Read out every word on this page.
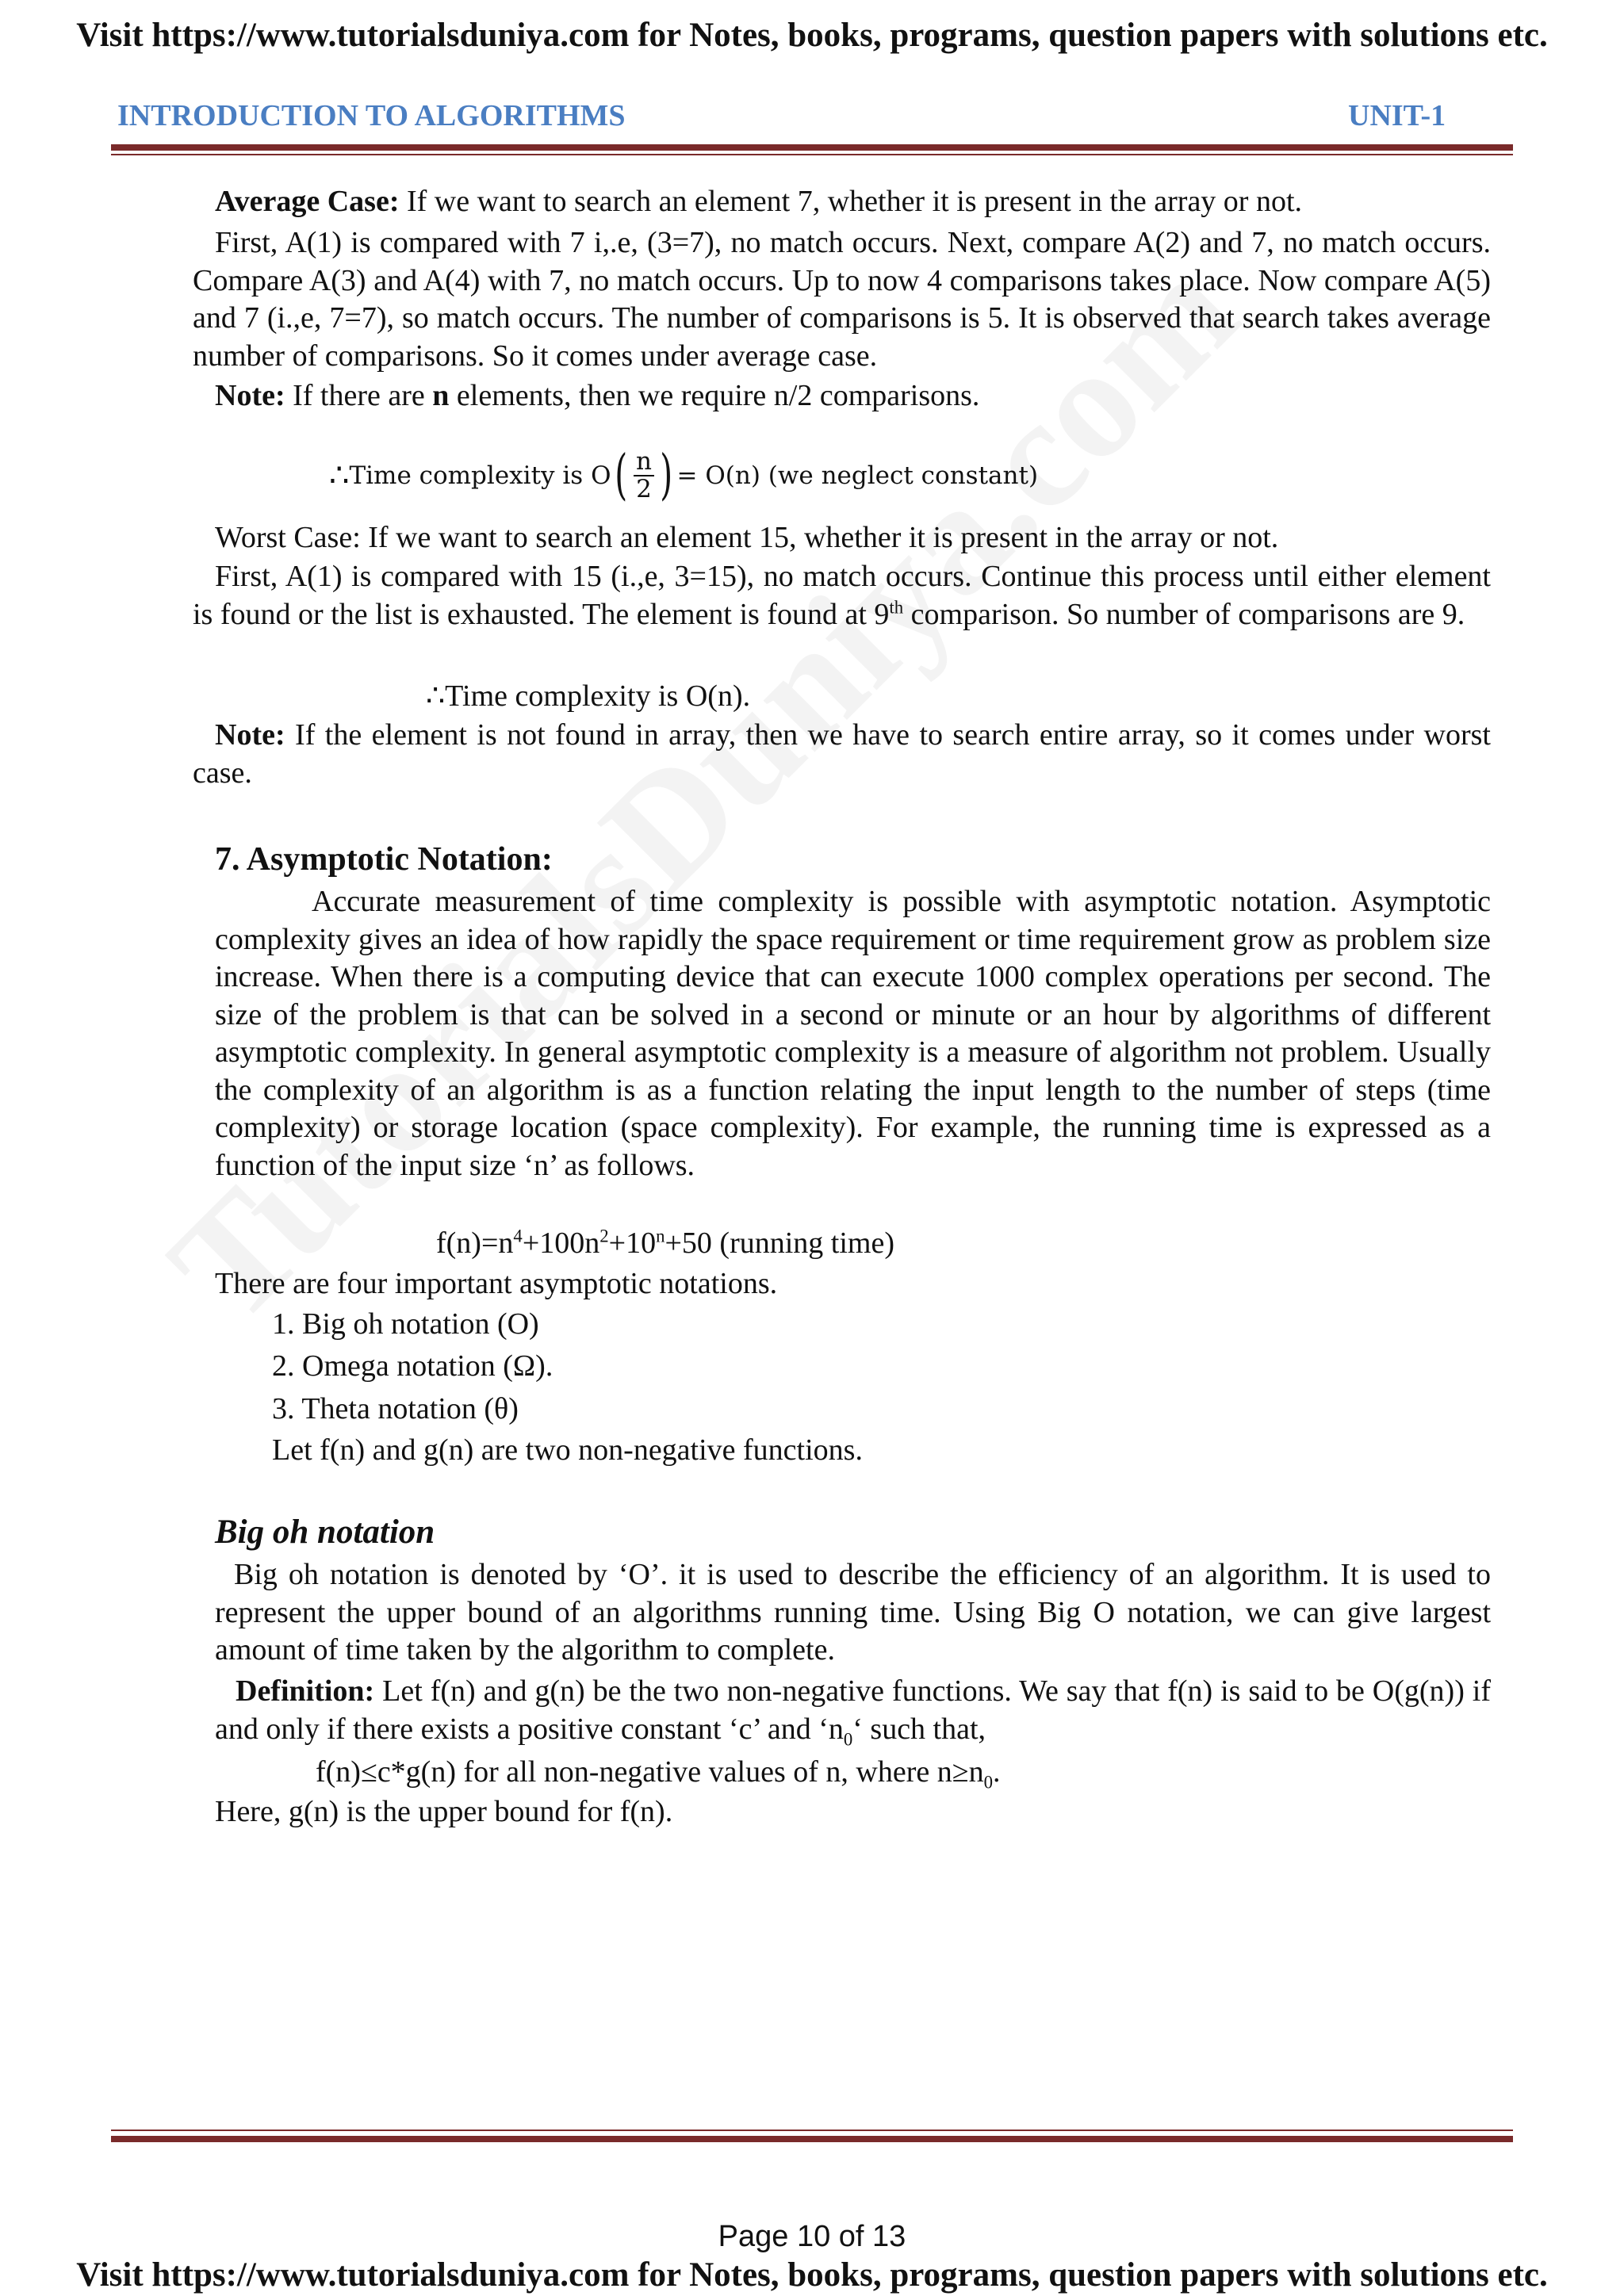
Visit https://www.tutorialsduniya.com for Notes, books, programs, question papers with solutions etc.
INTRODUCTION TO ALGORITHMS	UNIT-1
Average Case: If we want to search an element 7, whether it is present in the array or not.
First, A(1) is compared with 7 i,.e, (3=7), no match occurs. Next, compare A(2) and 7, no match occurs. Compare A(3) and A(4) with 7, no match occurs. Up to now 4 comparisons takes place. Now compare A(5) and 7 (i.,e, 7=7), so match occurs. The number of comparisons is 5. It is observed that search takes average number of comparisons. So it comes under average case.
Note: If there are n elements, then we require n/2 comparisons.
∴ Time complexity is O ( $\frac{n}{2}$ ) = O(n) (we neglect constant)
Worst Case: If we want to search an element 15, whether it is present in the array or not.
First, A(1) is compared with 15 (i.,e, 3=15), no match occurs. Continue this process until either element is found or the list is exhausted. The element is found at 9th comparison. So number of comparisons are 9.
∴Time complexity is O(n).
Note: If the element is not found in array, then we have to search entire array, so it comes under worst case.
7. Asymptotic Notation:
Accurate measurement of time complexity is possible with asymptotic notation. Asymptotic complexity gives an idea of how rapidly the space requirement or time requirement grow as problem size increase. When there is a computing device that can execute 1000 complex operations per second. The size of the problem is that can be solved in a second or minute or an hour by algorithms of different asymptotic complexity. In general asymptotic complexity is a measure of algorithm not problem. Usually the complexity of an algorithm is as a function relating the input length to the number of steps (time complexity) or storage location (space complexity). For example, the running time is expressed as a function of the input size ‘n’ as follows.
$f(n)=n^4+100n^2+10^n+50$ (running time)
There are four important asymptotic notations.
1. Big oh notation (O)
2. Omega notation (Ω).
3. Theta notation (θ)
Let f(n) and g(n) are two non-negative functions.
Big oh notation
Big oh notation is denoted by ‘O’. it is used to describe the efficiency of an algorithm. It is used to represent the upper bound of an algorithms running time. Using Big O notation, we can give largest amount of time taken by the algorithm to complete.
Definition: Let f(n) and g(n) be the two non-negative functions. We say that f(n) is said to be O(g(n)) if and only if there exists a positive constant ‘c’ and ‘$n_0‘$ such that,
f(n)≤c*g(n) for all non-negative values of n, where $n\ge n_0$.
Here, g(n) is the upper bound for f(n).
Page 10 of 13
Visit https://www.tutorialsduniya.com for Notes, books, programs, question papers with solutions etc.
